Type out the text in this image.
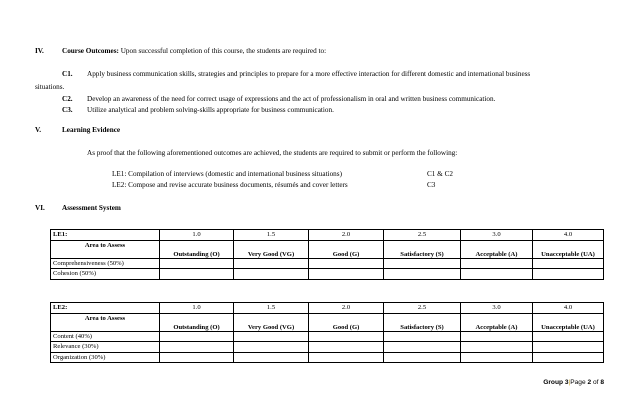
IV.	Course Outcomes: Upon successful completion of this course, the students are required to:
C1. Apply business communication skills, strategies and principles to prepare for a more effective interaction for different domestic and international business
situations.
C2. Develop an awareness of the need for correct usage of expressions and the act of professionalism in oral and written business communication.
C3. Utilize analytical and problem solving-skills appropriate for business communication.
V.	Learning Evidence
As proof that the following aforementioned outcomes are achieved, the students are required to submit or perform the following:
LE1: Compilation of interviews (domestic and international business situations)	C1 & C2
LE2: Compose and revise accurate business documents, résumés and cover letters	C3
VI. Assessment System
LE1:	1.0	1.5	2.0	2.5	3.0	4.0

Area to Assess	Outstanding (O)	Very Good (VG)	Good (G)	Satisfactory (S)	Acceptable (A)	Unacceptable (UA)
Comprehensiveness (50%)						
Cohesion (50%)						
LE2:	1.0	1.5	2.0	2.5	3.0	4.0

Area to Assess	Outstanding (O)	Very Good (VG)	Good (G)	Satisfactory (S)	Acceptable (A)	Unacceptable (UA)
Content (40%)						
Relevance (30%)						
Organization (30%)						
Group 3|Page 2 of 8
